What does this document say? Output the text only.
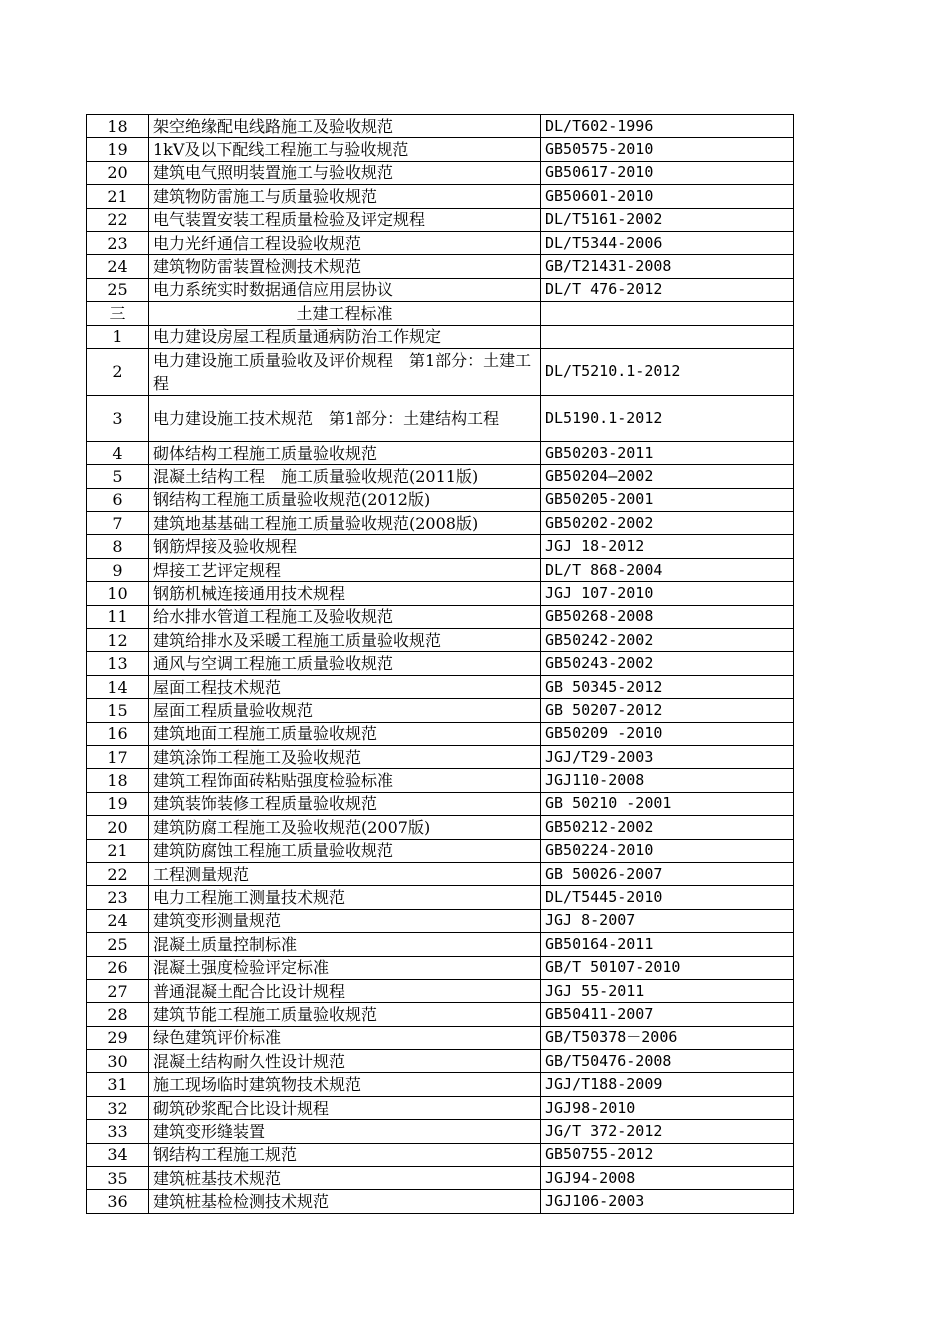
18	架空绝缘配电线路施工及验收规范	DL/T602-1996
19	1kV及以下配线工程施工与验收规范	GB50575-2010
20	建筑电气照明装置施工与验收规范	GB50617-2010
21	建筑物防雷施工与质量验收规范	GB50601-2010
22	电气装置安装工程质量检验及评定规程	DL/T5161-2002
23	电力光纤通信工程设验收规范	DL/T5344-2006
24	建筑物防雷装置检测技术规范	GB/T21431-2008
25	电力系统实时数据通信应用层协议	DL/T 476-2012
三	土建工程标准	
1	电力建设房屋工程质量通病防治工作规定	
2	电力建设施工质量验收及评价规程　第1部分：土建工程	DL/T5210.1-2012
3	电力建设施工技术规范　第1部分：土建结构工程	DL5190.1-2012
4	砌体结构工程施工质量验收规范	GB50203-2011
5	混凝土结构工程　施工质量验收规范(2011版)	GB50204—2002
6	钢结构工程施工质量验收规范(2012版)	GB50205-2001
7	建筑地基基础工程施工质量验收规范(2008版)	GB50202-2002
8	钢筋焊接及验收规程	JGJ 18-2012
9	焊接工艺评定规程	DL/T 868-2004
10	钢筋机械连接通用技术规程	JGJ 107-2010
11	给水排水管道工程施工及验收规范	GB50268-2008
12	建筑给排水及采暖工程施工质量验收规范	GB50242-2002
13	通风与空调工程施工质量验收规范	GB50243-2002
14	屋面工程技术规范	GB 50345-2012
15	屋面工程质量验收规范	GB 50207-2012
16	建筑地面工程施工质量验收规范	GB50209 -2010
17	建筑涂饰工程施工及验收规范	JGJ/T29-2003
18	建筑工程饰面砖粘贴强度检验标准	JGJ110-2008
19	建筑装饰装修工程质量验收规范	GB 50210 -2001
20	建筑防腐工程施工及验收规范(2007版)	GB50212-2002
21	建筑防腐蚀工程施工质量验收规范	GB50224-2010
22	工程测量规范	GB 50026-2007
23	电力工程施工测量技术规范	DL/T5445-2010
24	建筑变形测量规范	JGJ 8-2007
25	混凝土质量控制标准	GB50164-2011
26	混凝土强度检验评定标准	GB/T 50107-2010
27	普通混凝土配合比设计规程	JGJ 55-2011
28	建筑节能工程施工质量验收规范	GB50411-2007
29	绿色建筑评价标准	GB/T50378－2006
30	混凝土结构耐久性设计规范	GB/T50476-2008
31	施工现场临时建筑物技术规范	JGJ/T188-2009
32	砌筑砂浆配合比设计规程	JGJ98-2010
33	建筑变形缝装置	JG/T 372-2012
34	钢结构工程施工规范	GB50755-2012
35	建筑桩基技术规范	JGJ94-2008
36	建筑桩基检检测技术规范	JGJ106-2003
